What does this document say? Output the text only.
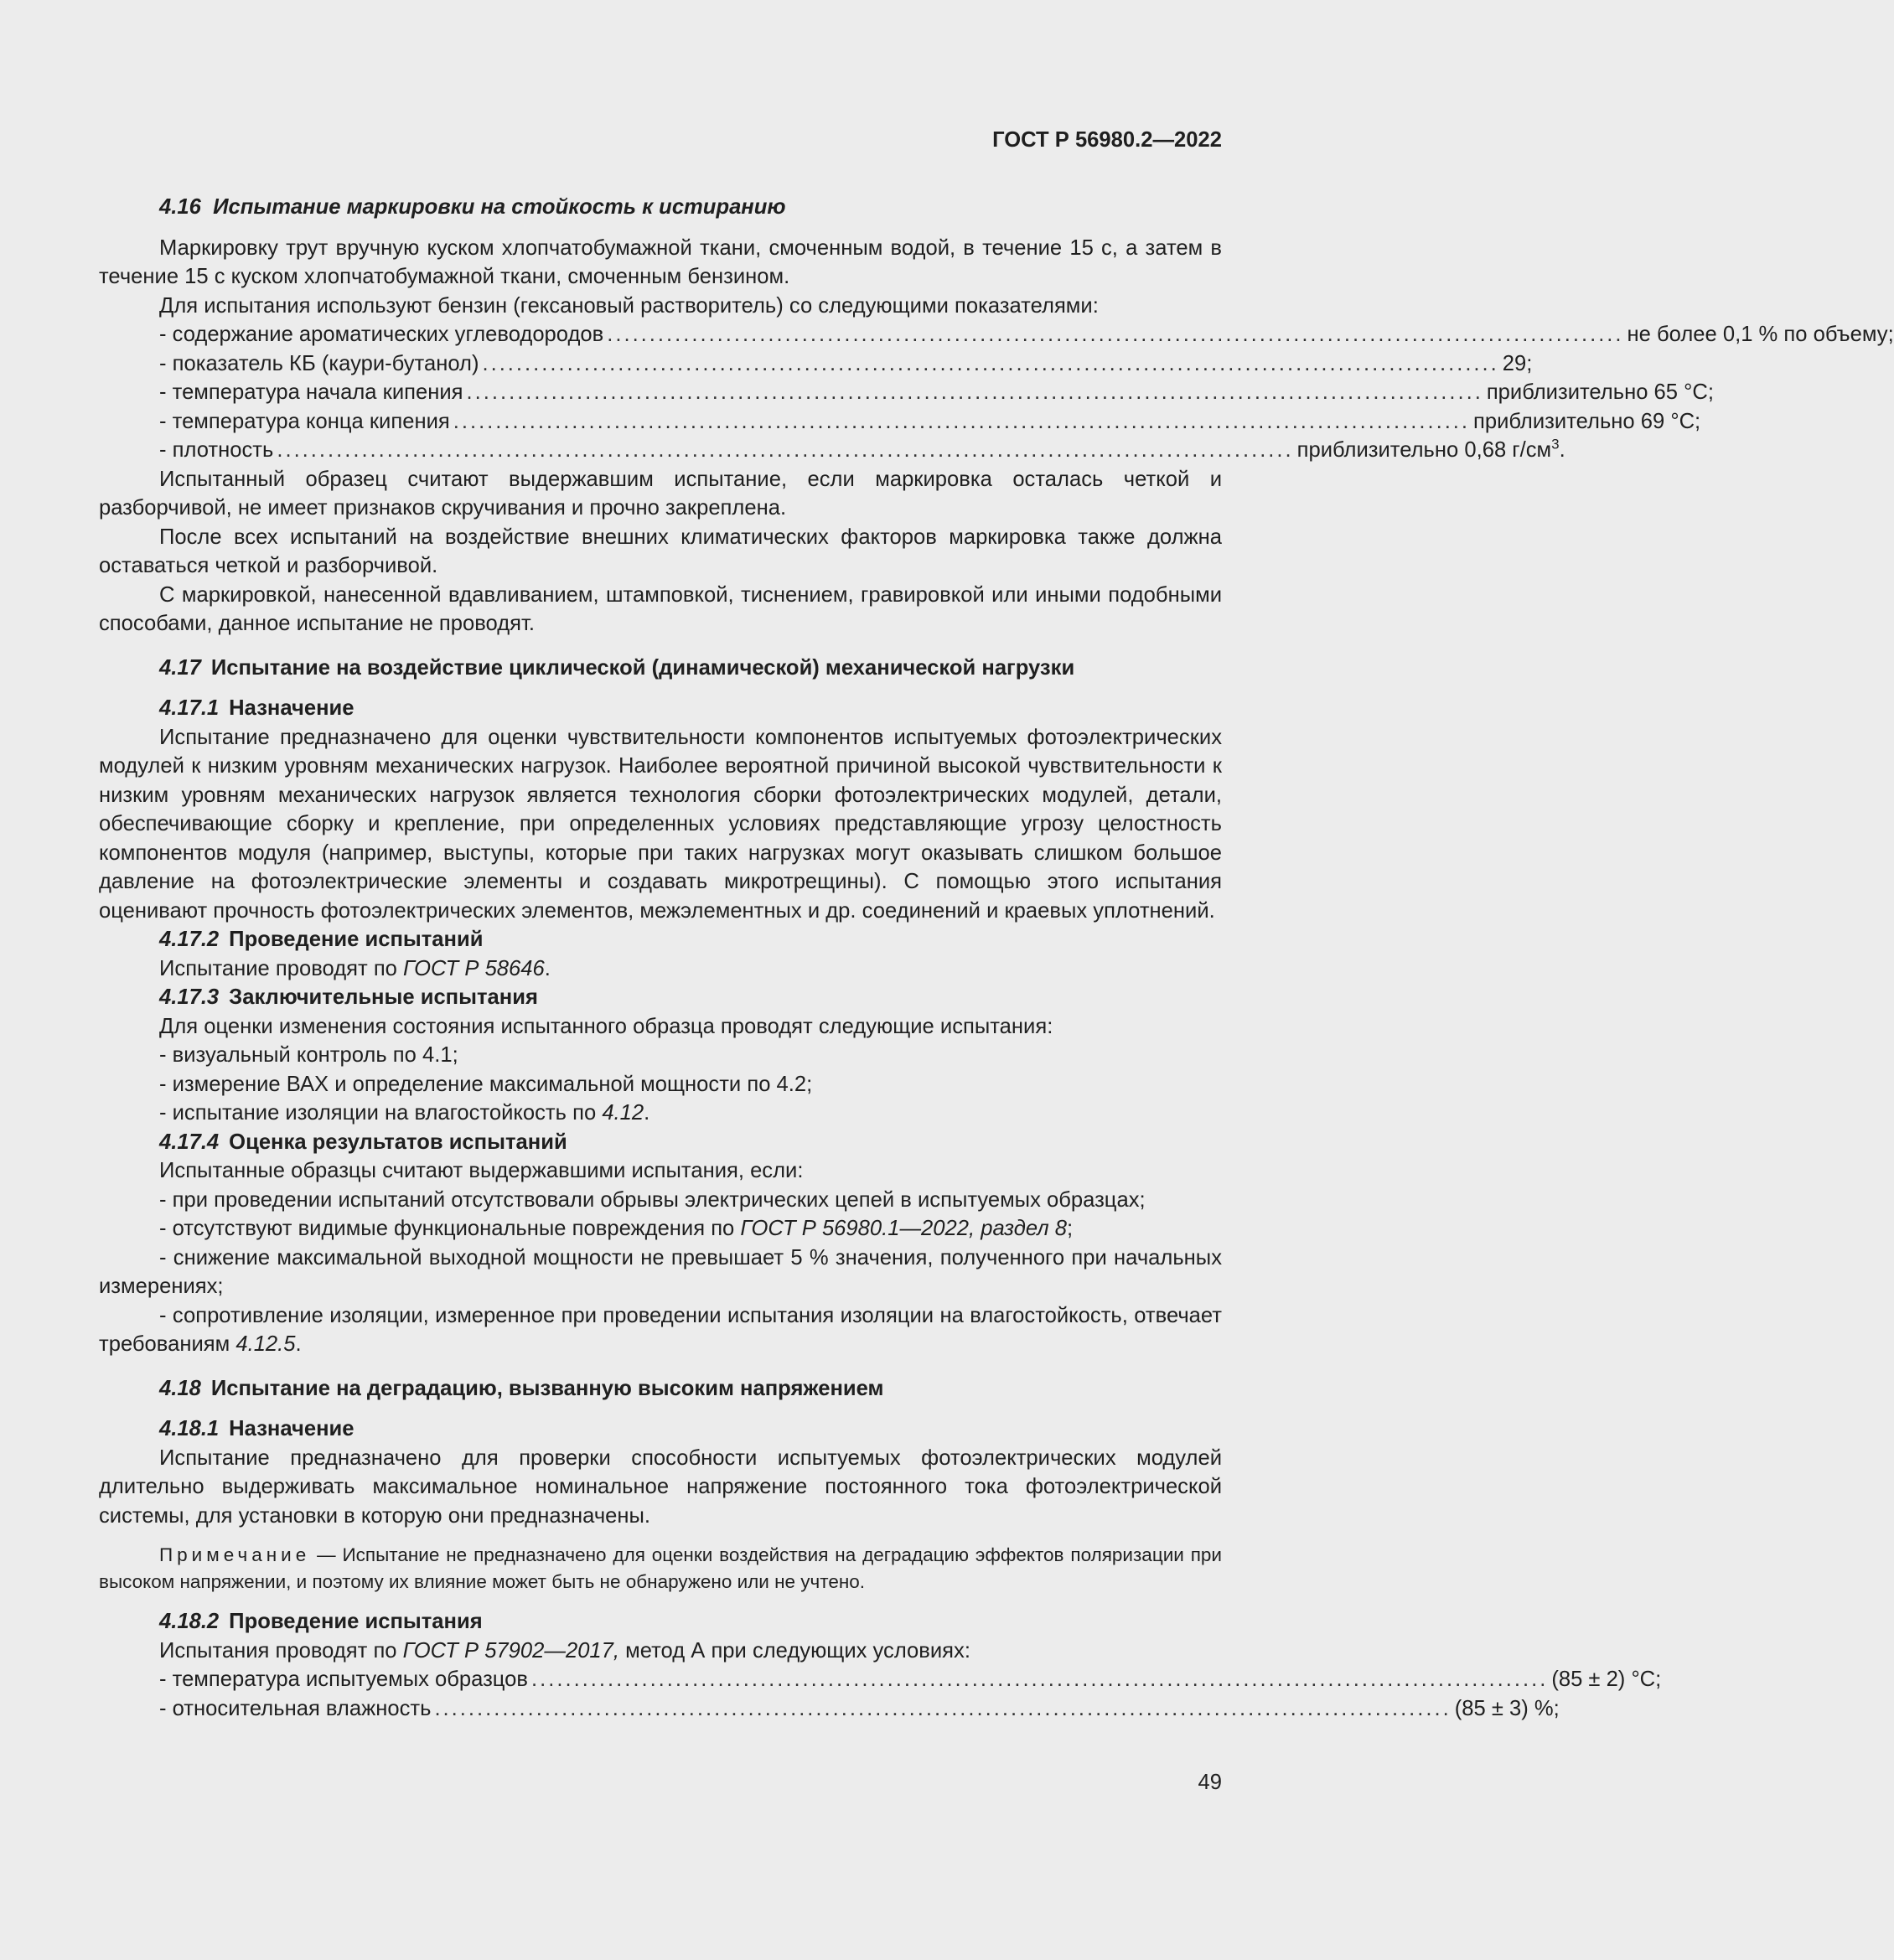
ГОСТ Р 56980.2—2022
4.16 Испытание маркировки на стойкость к истиранию
Маркировку трут вручную куском хлопчатобумажной ткани, смоченным водой, в течение 15 с, а затем в течение 15 с куском хлопчатобумажной ткани, смоченным бензином.
Для испытания используют бензин (гексановый растворитель) со следующими показателями:
- содержание ароматических углеводородов ........................................................................................................................ не более 0,1 % по объему;
- показатель КБ (каури-бутанол) ........................................................................................................................ 29;
- температура начала кипения ........................................................................................................................ приблизительно 65 °С;
- температура конца кипения ........................................................................................................................ приблизительно 69 °С;
- плотность ........................................................................................................................ приблизительно 0,68 $г/см^3$.
Испытанный образец считают выдержавшим испытание, если маркировка осталась четкой и разборчивой, не имеет признаков скручивания и прочно закреплена.
После всех испытаний на воздействие внешних климатических факторов маркировка также должна оставаться четкой и разборчивой.
С маркировкой, нанесенной вдавливанием, штамповкой, тиснением, гравировкой или иными подобными способами, данное испытание не проводят.
4.17 Испытание на воздействие циклической (динамической) механической нагрузки
4.17.1 Назначение
Испытание предназначено для оценки чувствительности компонентов испытуемых фотоэлектрических модулей к низким уровням механических нагрузок. Наиболее вероятной причиной высокой чувствительности к низким уровням механических нагрузок является технология сборки фотоэлектрических модулей, детали, обеспечивающие сборку и крепление, при определенных условиях представляющие угрозу целостность компонентов модуля (например, выступы, которые при таких нагрузках могут оказывать слишком большое давление на фотоэлектрические элементы и создавать микротрещины). С помощью этого испытания оценивают прочность фотоэлектрических элементов, межэлементных и др. соединений и краевых уплотнений.
4.17.2 Проведение испытаний
Испытание проводят по ГОСТ Р 58646.
4.17.3 Заключительные испытания
Для оценки изменения состояния испытанного образца проводят следующие испытания:
- визуальный контроль по 4.1;
- измерение ВАХ и определение максимальной мощности по 4.2;
- испытание изоляции на влагостойкость по 4.12.
4.17.4 Оценка результатов испытаний
Испытанные образцы считают выдержавшими испытания, если:
- при проведении испытаний отсутствовали обрывы электрических цепей в испытуемых образцах;
- отсутствуют видимые функциональные повреждения по ГОСТ Р 56980.1—2022, раздел 8;
- снижение максимальной выходной мощности не превышает 5 % значения, полученного при начальных измерениях;
- сопротивление изоляции, измеренное при проведении испытания изоляции на влагостойкость, отвечает требованиям 4.12.5.
4.18 Испытание на деградацию, вызванную высоким напряжением
4.18.1 Назначение
Испытание предназначено для проверки способности испытуемых фотоэлектрических модулей длительно выдерживать максимальное номинальное напряжение постоянного тока фотоэлектрической системы, для установки в которую они предназначены.
Примечание — Испытание не предназначено для оценки воздействия на деградацию эффектов поляризации при высоком напряжении, и поэтому их влияние может быть не обнаружено или не учтено.
4.18.2 Проведение испытания
Испытания проводят по ГОСТ Р 57902—2017, метод А при следующих условиях:
- температура испытуемых образцов ........................................................................................................................ (85 ± 2) °С;
- относительная влажность ........................................................................................................................ (85 ± 3) %;
49
